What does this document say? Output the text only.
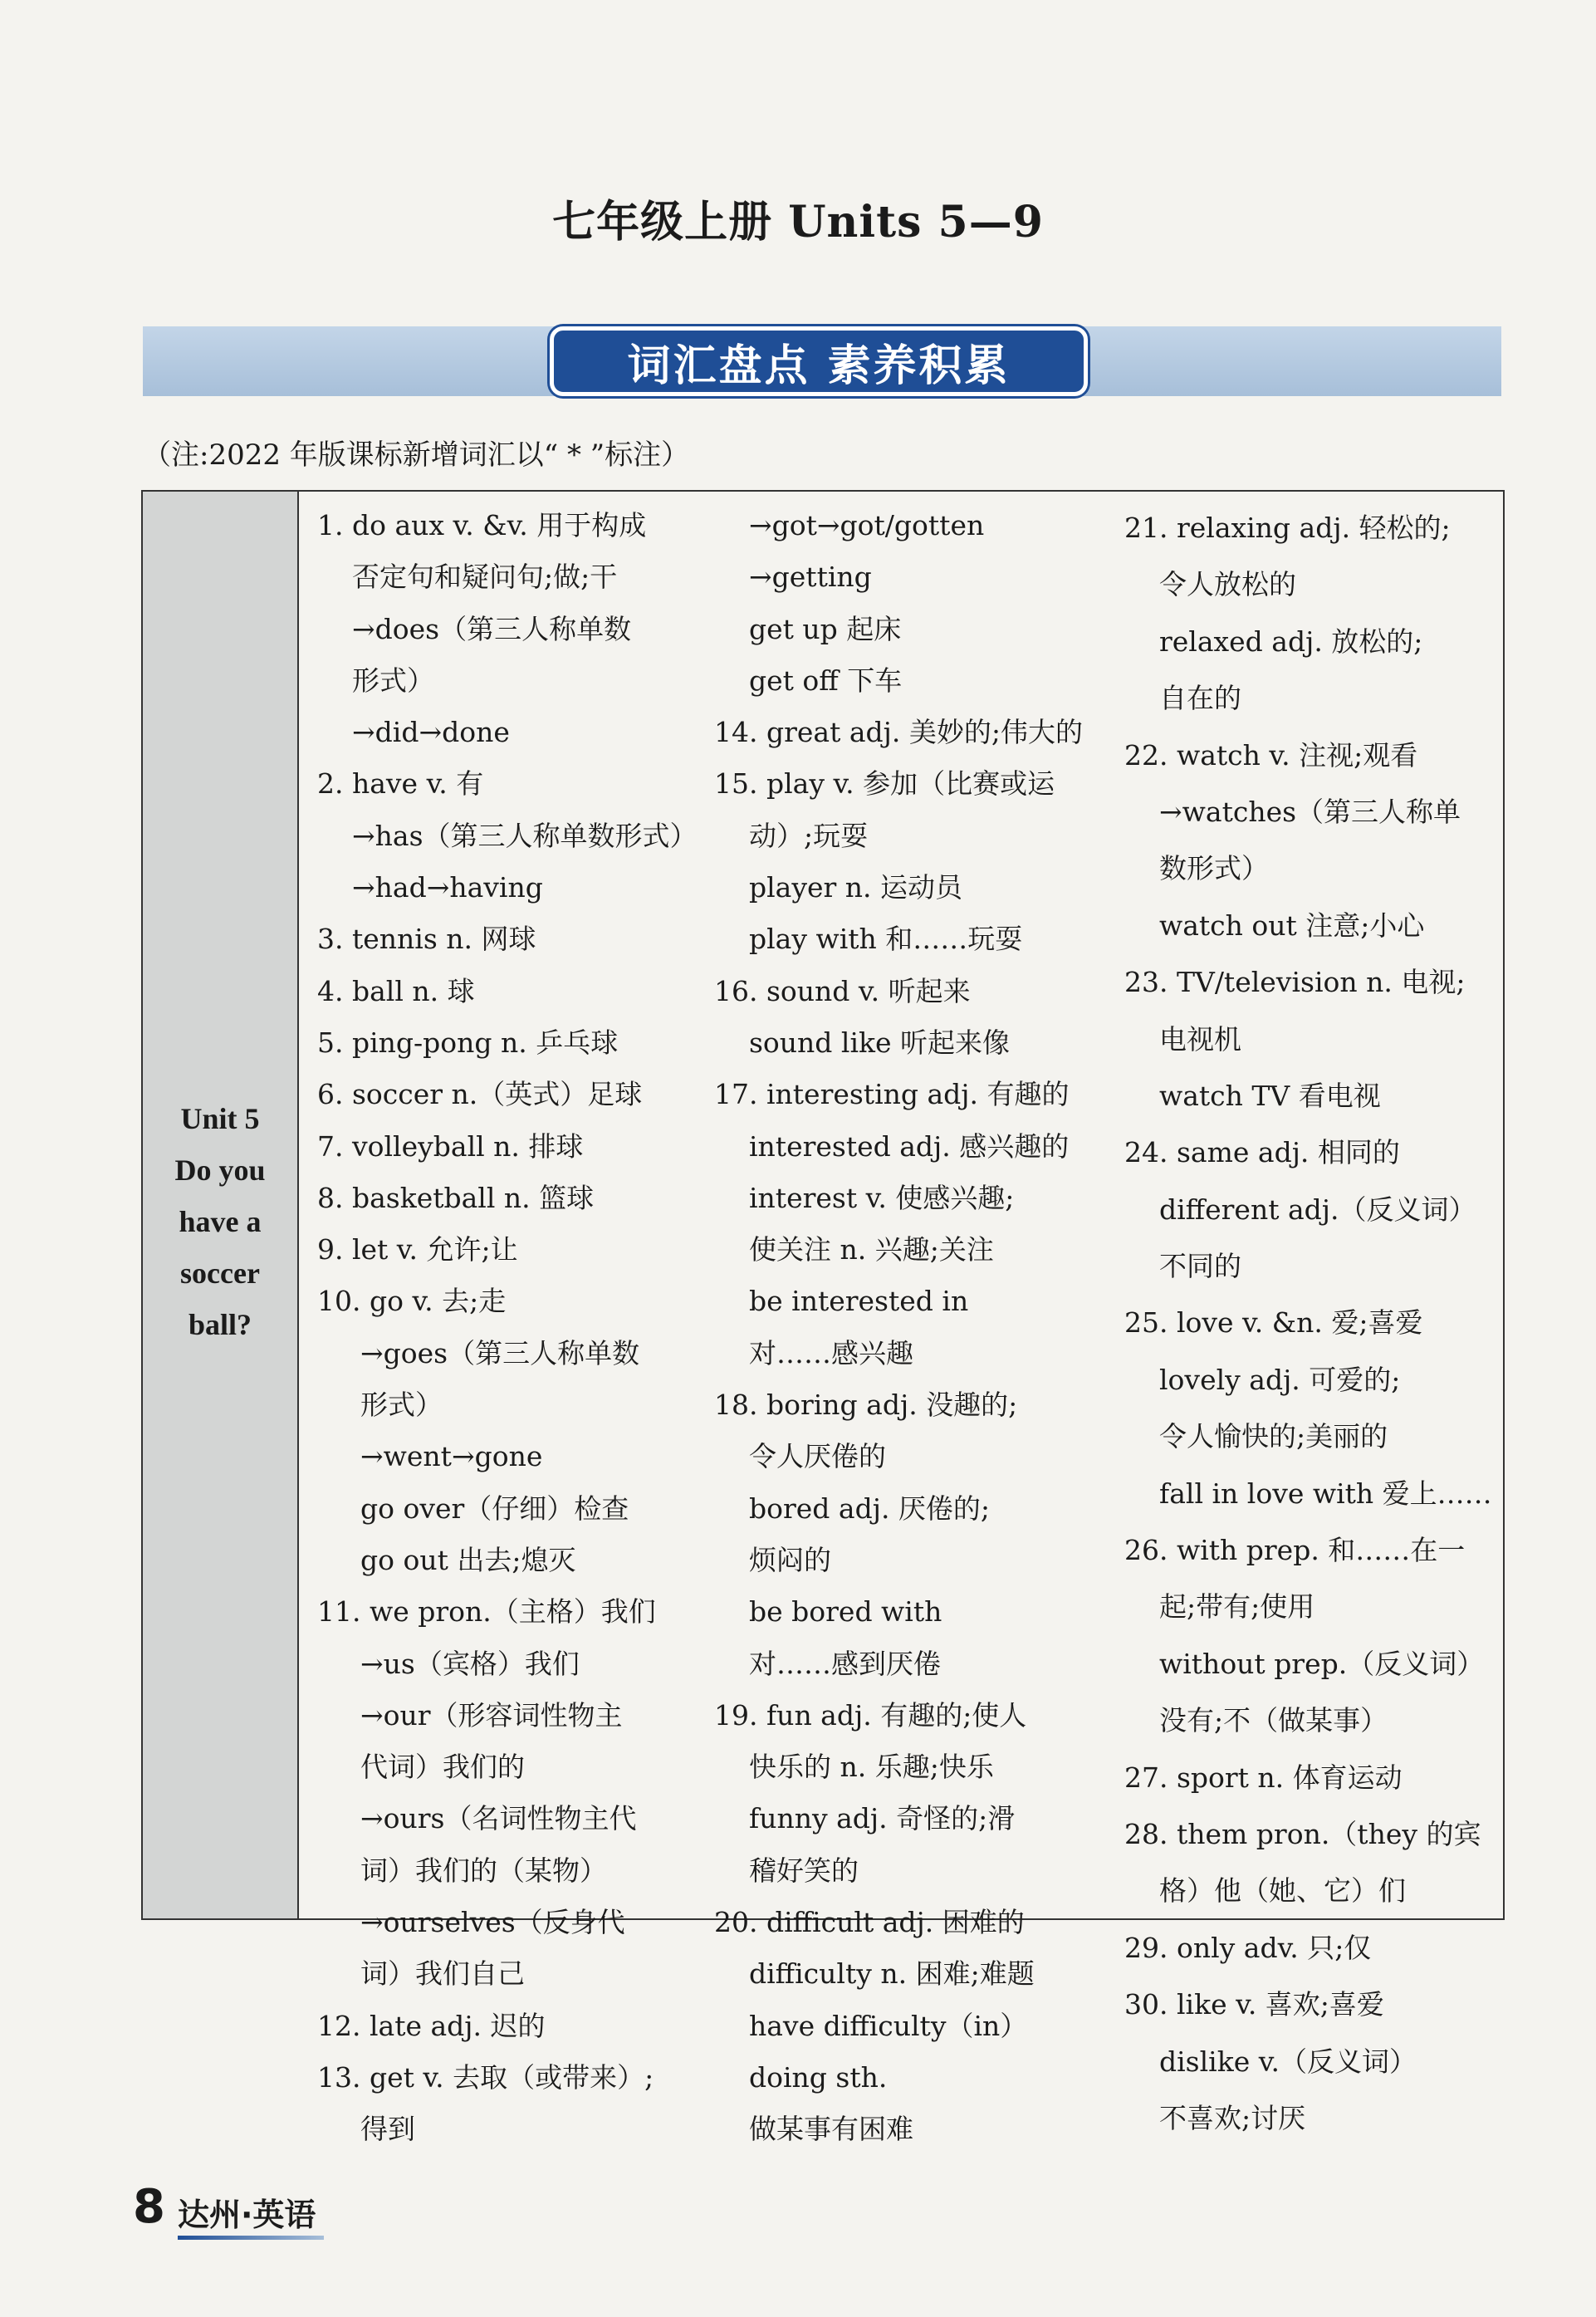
七年级上册 Units 5—9
词汇盘点 素养积累
（注:2022 年版课标新增词汇以“ * ”标注）
Unit 5
Do you
have a
soccer
ball?
1. do aux v. &v. 用于构成
否定句和疑问句;做;干
→does（第三人称单数
形式）
→did→done
2. have v. 有
→has（第三人称单数形式）
→had→having
3. tennis n. 网球
4. ball n. 球
5. ping-pong n. 乒乓球
6. soccer n.（英式）足球
7. volleyball n. 排球
8. basketball n. 篮球
9. let v. 允许;让
10. go v. 去;走
→goes（第三人称单数
形式）
→went→gone
go over（仔细）检查
go out 出去;熄灭
11. we pron.（主格）我们
→us（宾格）我们
→our（形容词性物主
代词）我们的
→ours（名词性物主代
词）我们的（某物）
→ourselves（反身代
词）我们自己
12. late adj. 迟的
13. get v. 去取（或带来）;
得到
→got→got/gotten
→getting
get up 起床
get off 下车
14. great adj. 美妙的;伟大的
15. play v. 参加（比赛或运
动）;玩耍
player n. 运动员
play with 和……玩耍
16. sound v. 听起来
sound like 听起来像
17. interesting adj. 有趣的
interested adj. 感兴趣的
interest v. 使感兴趣;
使关注 n. 兴趣;关注
be interested in
对……感兴趣
18. boring adj. 没趣的;
令人厌倦的
bored adj. 厌倦的;
烦闷的
be bored with
对……感到厌倦
19. fun adj. 有趣的;使人
快乐的 n. 乐趣;快乐
funny adj. 奇怪的;滑
稽好笑的
20. difficult adj. 困难的
difficulty n. 困难;难题
have difficulty（in）
doing sth.
做某事有困难
21. relaxing adj. 轻松的;
令人放松的
relaxed adj. 放松的;
自在的
22. watch v. 注视;观看
→watches（第三人称单
数形式）
watch out 注意;小心
23. TV/television n. 电视;
电视机
watch TV 看电视
24. same adj. 相同的
different adj.（反义词）
不同的
25. love v. &n. 爱;喜爱
lovely adj. 可爱的;
令人愉快的;美丽的
fall in love with 爱上……
26. with prep. 和……在一
起;带有;使用
without prep.（反义词）
没有;不（做某事）
27. sport n. 体育运动
28. them pron.（they 的宾
格）他（她、它）们
29. only adv. 只;仅
30. like v. 喜欢;喜爱
dislike v.（反义词）
不喜欢;讨厌
8 达州·英语
